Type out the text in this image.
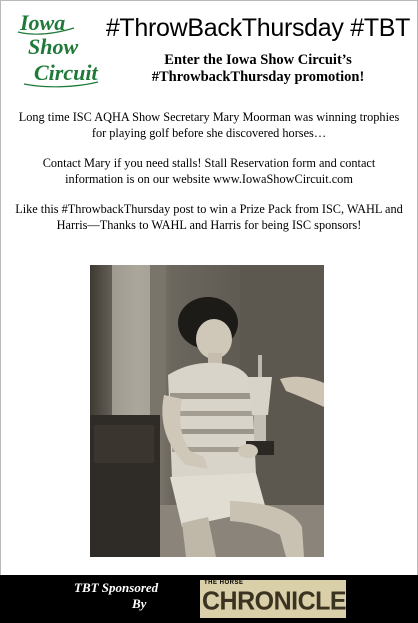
Iowa
Show
Circuit
#ThrowBackThursday #TBT
Enter the Iowa Show Circuit’s
#ThrowbackThursday promotion!
Long time ISC AQHA Show Secretary Mary Moorman was winning trophies for playing golf before she discovered horses…
Contact Mary if you need stalls! Stall Reservation form and contact information is on our website www.IowaShowCircuit.com
Like this #ThrowbackThursday post to win a Prize Pack from ISC, WAHL and Harris—Thanks to WAHL and Harris for being ISC sponsors!
TBT Sponsored
By
THE HORSE
CHRONICLE
